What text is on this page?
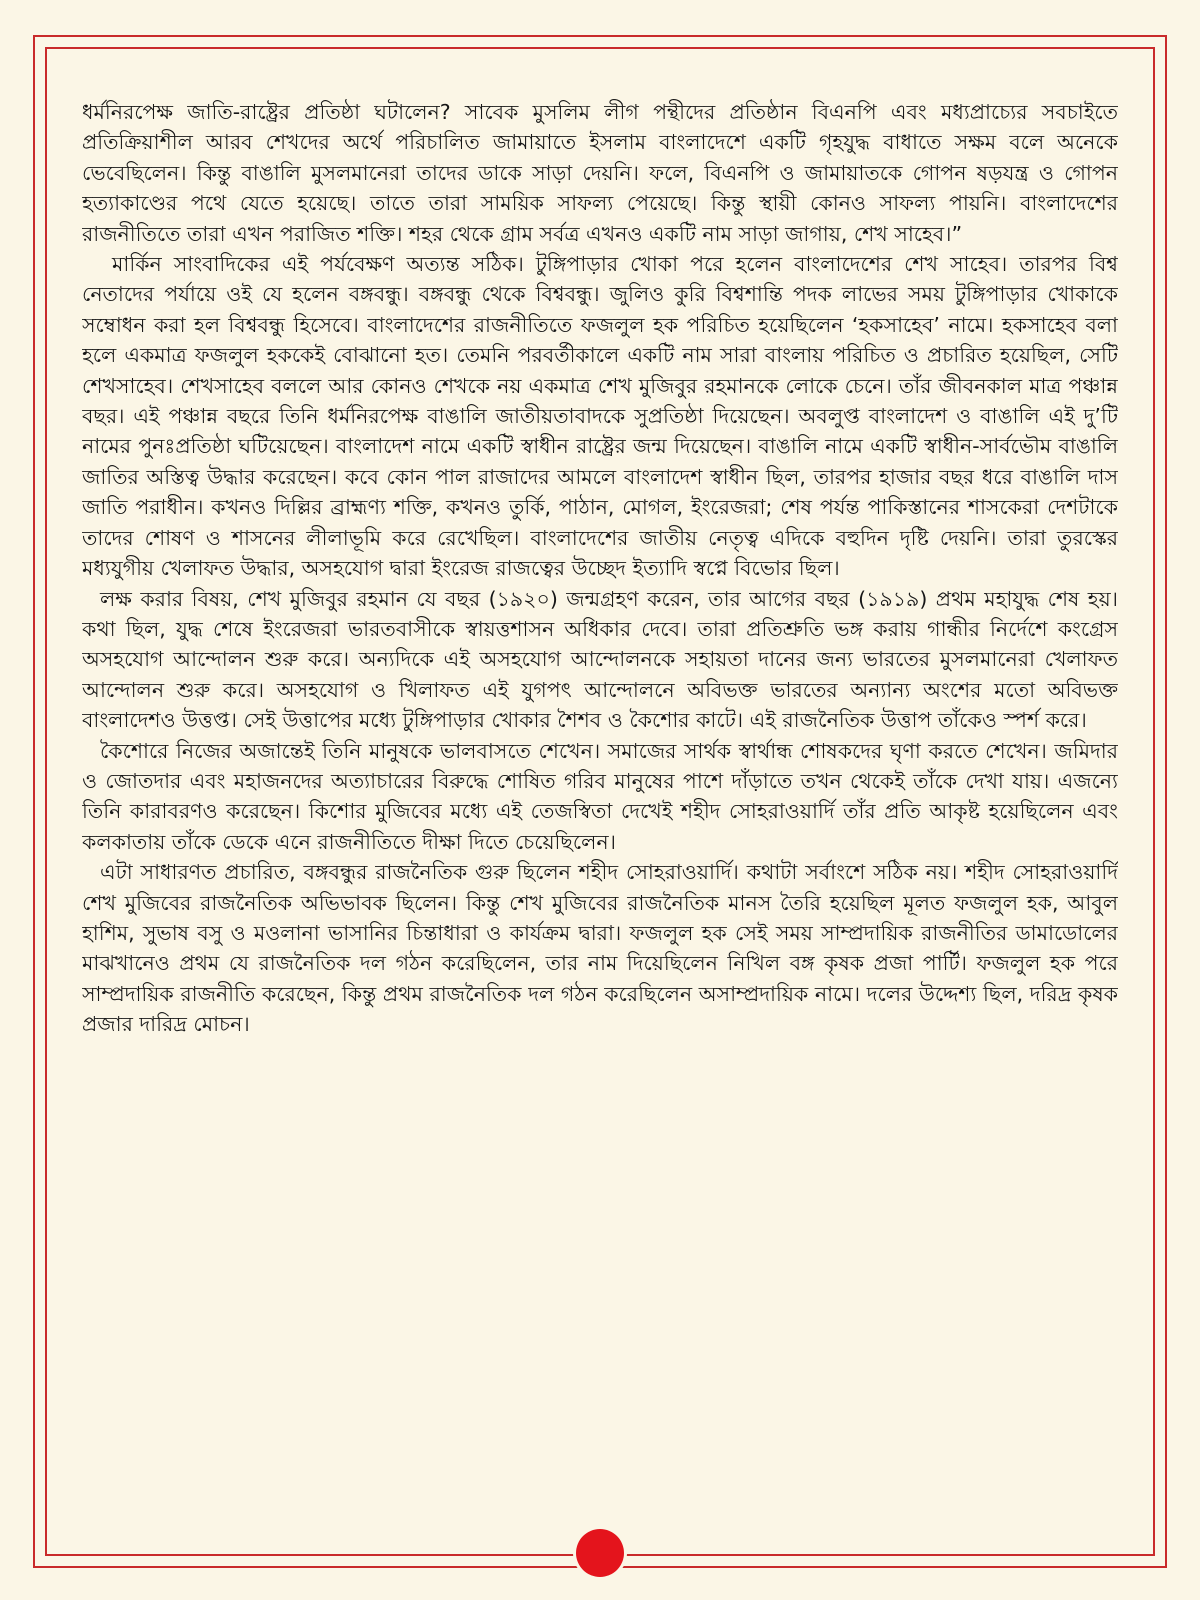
ধর্মনিরপেক্ষ জাতি-রাষ্ট্রের প্রতিষ্ঠা ঘটালেন? সাবেক মুসলিম লীগ পন্থীদের প্রতিষ্ঠান বিএনপি এবং মধ্যপ্রাচ্যের সবচাইতে প্রতিক্রিয়াশীল আরব শেখদের অর্থে পরিচালিত জামায়াতে ইসলাম বাংলাদেশে একটি গৃহযুদ্ধ বাধাতে সক্ষম বলে অনেকে ভেবেছিলেন। কিন্তু বাঙালি মুসলমানেরা তাদের ডাকে সাড়া দেয়নি। ফলে, বিএনপি ও জামায়াতকে গোপন ষড়যন্ত্র ও গোপন হত্যাকাণ্ডের পথে যেতে হয়েছে। তাতে তারা সাময়িক সাফল্য পেয়েছে। কিন্তু স্থায়ী কোনও সাফল্য পায়নি। বাংলাদেশের রাজনীতিতে তারা এখন পরাজিত শক্তি। শহর থেকে গ্রাম সর্বত্র এখনও একটি নাম সাড়া জাগায়, শেখ সাহেব।”

মার্কিন সাংবাদিকের এই পর্যবেক্ষণ অত্যন্ত সঠিক। টুঙ্গিপাড়ার খোকা পরে হলেন বাংলাদেশের শেখ সাহেব। তারপর বিশ্ব নেতাদের পর্যায়ে ওই যে হলেন বঙ্গবন্ধু। বঙ্গবন্ধু থেকে বিশ্ববন্ধু। জুলিও কুরি বিশ্বশান্তি পদক লাভের সময় টুঙ্গিপাড়ার খোকাকে সম্বোধন করা হল বিশ্ববন্ধু হিসেবে। বাংলাদেশের রাজনীতিতে ফজলুল হক পরিচিত হয়েছিলেন ‘হকসাহেব’ নামে। হকসাহেব বলা হলে একমাত্র ফজলুল হককেই বোঝানো হত। তেমনি পরবর্তীকালে একটি নাম সারা বাংলায় পরিচিত ও প্রচারিত হয়েছিল, সেটি শেখসাহেব। শেখসাহেব বললে আর কোনও শেখকে নয় একমাত্র শেখ মুজিবুর রহমানকে লোকে চেনে। তাঁর জীবনকাল মাত্র পঞ্চান্ন বছর। এই পঞ্চান্ন বছরে তিনি ধর্মনিরপেক্ষ বাঙালি জাতীয়তাবাদকে সুপ্রতিষ্ঠা দিয়েছেন। অবলুপ্ত বাংলাদেশ ও বাঙালি এই দু’টি নামের পুনঃপ্রতিষ্ঠা ঘটিয়েছেন। বাংলাদেশ নামে একটি স্বাধীন রাষ্ট্রের জন্ম দিয়েছেন। বাঙালি নামে একটি স্বাধীন-সার্বভৌম বাঙালি জাতির অস্তিত্ব উদ্ধার করেছেন। কবে কোন পাল রাজাদের আমলে বাংলাদেশ স্বাধীন ছিল, তারপর হাজার বছর ধরে বাঙালি দাস জাতি পরাধীন। কখনও দিল্লির ব্রাহ্মণ্য শক্তি, কখনও তুর্কি, পাঠান, মোগল, ইংরেজরা; শেষ পর্যন্ত পাকিস্তানের শাসকেরা দেশটাকে তাদের শোষণ ও শাসনের লীলাভূমি করে রেখেছিল। বাংলাদেশের জাতীয় নেতৃত্ব এদিকে বহুদিন দৃষ্টি দেয়নি। তারা তুরস্কের মধ্যযুগীয় খেলাফত উদ্ধার, অসহযোগ দ্বারা ইংরেজ রাজত্বের উচ্ছেদ ইত্যাদি স্বপ্নে বিভোর ছিল।

লক্ষ করার বিষয়, শেখ মুজিবুর রহমান যে বছর (১৯২০) জন্মগ্রহণ করেন, তার আগের বছর (১৯১৯) প্রথম মহাযুদ্ধ শেষ হয়। কথা ছিল, যুদ্ধ শেষে ইংরেজরা ভারতবাসীকে স্বায়ত্তশাসন অধিকার দেবে। তারা প্রতিশ্রুতি ভঙ্গ করায় গান্ধীর নির্দেশে কংগ্রেস অসহযোগ আন্দোলন শুরু করে। অন্যদিকে এই অসহযোগ আন্দোলনকে সহায়তা দানের জন্য ভারতের মুসলমানেরা খেলাফত আন্দোলন শুরু করে। অসহযোগ ও খিলাফত এই যুগপৎ আন্দোলনে অবিভক্ত ভারতের অন্যান্য অংশের মতো অবিভক্ত বাংলাদেশও উত্তপ্ত। সেই উত্তাপের মধ্যে টুঙ্গিপাড়ার খোকার শৈশব ও কৈশোর কাটে। এই রাজনৈতিক উত্তাপ তাঁকেও স্পর্শ করে।

কৈশোরে নিজের অজান্তেই তিনি মানুষকে ভালবাসতে শেখেন। সমাজের সার্থক স্বার্থান্ধ শোষকদের ঘৃণা করতে শেখেন। জমিদার ও জোতদার এবং মহাজনদের অত্যাচারের বিরুদ্ধে শোষিত গরিব মানুষের পাশে দাঁড়াতে তখন থেকেই তাঁকে দেখা যায়। এজন্যে তিনি কারাবরণও করেছেন। কিশোর মুজিবের মধ্যে এই তেজস্বিতা দেখেই শহীদ সোহরাওয়ার্দি তাঁর প্রতি আকৃষ্ট হয়েছিলেন এবং কলকাতায় তাঁকে ডেকে এনে রাজনীতিতে দীক্ষা দিতে চেয়েছিলেন।

এটা সাধারণত প্রচারিত, বঙ্গবন্ধুর রাজনৈতিক গুরু ছিলেন শহীদ সোহরাওয়ার্দি। কথাটা সর্বাংশে সঠিক নয়। শহীদ সোহরাওয়ার্দি শেখ মুজিবের রাজনৈতিক অভিভাবক ছিলেন। কিন্তু শেখ মুজিবের রাজনৈতিক মানস তৈরি হয়েছিল মূলত ফজলুল হক, আবুল হাশিম, সুভাষ বসু ও মওলানা ভাসানির চিন্তাধারা ও কার্যক্রম দ্বারা। ফজলুল হক সেই সময় সাম্প্রদায়িক রাজনীতির ডামাডোলের মাঝখানেও প্রথম যে রাজনৈতিক দল গঠন করেছিলেন, তার নাম দিয়েছিলেন নিখিল বঙ্গ কৃষক প্রজা পার্টি। ফজলুল হক পরে সাম্প্রদায়িক রাজনীতি করেছেন, কিন্তু প্রথম রাজনৈতিক দল গঠন করেছিলেন অসাম্প্রদায়িক নামে। দলের উদ্দেশ্য ছিল, দরিদ্র কৃষক প্রজার দারিদ্র মোচন।
